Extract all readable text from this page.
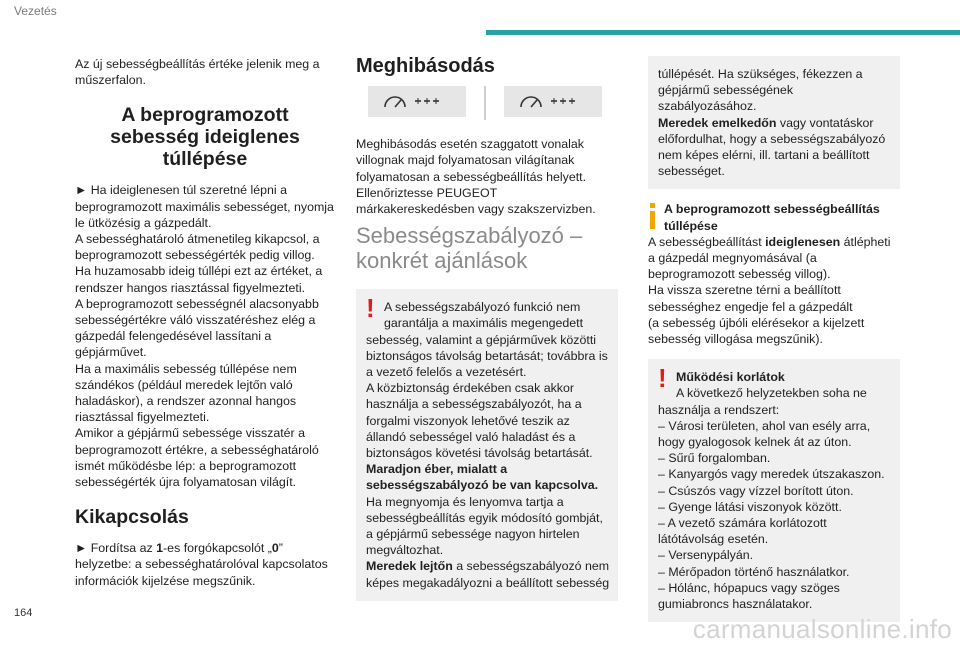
Vezetés

Az új sebességbeállítás értéke jelenik meg a műszerfalon.

A beprogramozott sebesség ideiglenes túllépése

► Ha ideiglenesen túl szeretné lépni a beprogramozott maximális sebességet, nyomja le ütközésig a gázpedált.

A sebességhatároló átmenetileg kikapcsol, a beprogramozott sebességérték pedig villog.

Ha huzamosabb ideig túllépi ezt az értéket, a rendszer hangos riasztással figyelmezteti.

A beprogramozott sebességnél alacsonyabb sebességértékre váló visszatéréshez elég a gázpedál felengedésével lassítani a gépjárművet.

Ha a maximális sebesség túllépése nem szándékos (például meredek lejtőn való haladáskor), a rendszer azonnal hangos riasztással figyelmezteti.

Amikor a gépjármű sebessége visszatér a beprogramozott értékre, a sebességhatároló ismét működésbe lép: a beprogramozott sebességérték újra folyamatosan világít.

Kikapcsolás

► Fordítsa az 1-es forgókapcsolót „0” helyzetbe: a sebességhatárolóval kapcsolatos információk kijelzése megszűnik.

Meghibásodás

Meghibásodás esetén szaggatott vonalak villognak majd folyamatosan világítanak folyamatosan a sebességbeállítás helyett. Ellenőriztesse PEUGEOT márkakereskedésben vagy szakszervizben.

Sebességszabályozó – konkrét ajánlások
! A sebességszabályozó funkció nem garantálja a maximális megengedett sebesség, valamint a gépjárművek közötti biztonságos távolság betartását; továbbra is a vezető felelős a vezetésért.

A közbiztonság érdekében csak akkor használja a sebességszabályozót, ha a forgalmi viszonyok lehetővé teszik az állandó sebességel való haladást és a biztonságos követési távolság betartását.

Maradjon éber, mialatt a sebességszabályozó be van kapcsolva.

Ha megnyomja és lenyomva tartja a sebességbeállítás egyik módosító gombját, a gépjármű sebessége nagyon hirtelen megváltozhat.

Meredek lejtőn a sebességszabályozó nem képes megakadályozni a beállított sebesség

túllépését. Ha szükséges, fékezzen a gépjármű sebességének szabályozásához.

Meredek emelkedőn vagy vontatáskor előfordulhat, hogy a sebességszabályozó nem képes elérni, ill. tartani a beállított sebességet.

A beprogramozott sebességbeállítás túllépése

A sebességbeállítást ideiglenesen átlépheti a gázpedál megnyomásával (a beprogramozott sebesség villog).

Ha vissza szeretne térni a beállított sebességhez engedje fel a gázpedált

(a sebesség újbóli elérésekor a kijelzett sebesség villogása megszűnik).

! Működési korlátok

A következő helyzetekben soha ne használja a rendszert:

– Városi területen, ahol van esély arra, hogy gyalogosok kelnek át az úton.

– Sűrű forgalomban.

– Kanyargós vagy meredek útszakaszon.

– Csúszós vagy vízzel borított úton.

– Gyenge látási viszonyok között.

– A vezető számára korlátozott látótávolság esetén.

– Versenypályán.

– Mérőpadon történő használatkor.

– Hólánc, hópapucs vagy szöges gumiabroncs használatakor.

164
carmanualsonline.info
